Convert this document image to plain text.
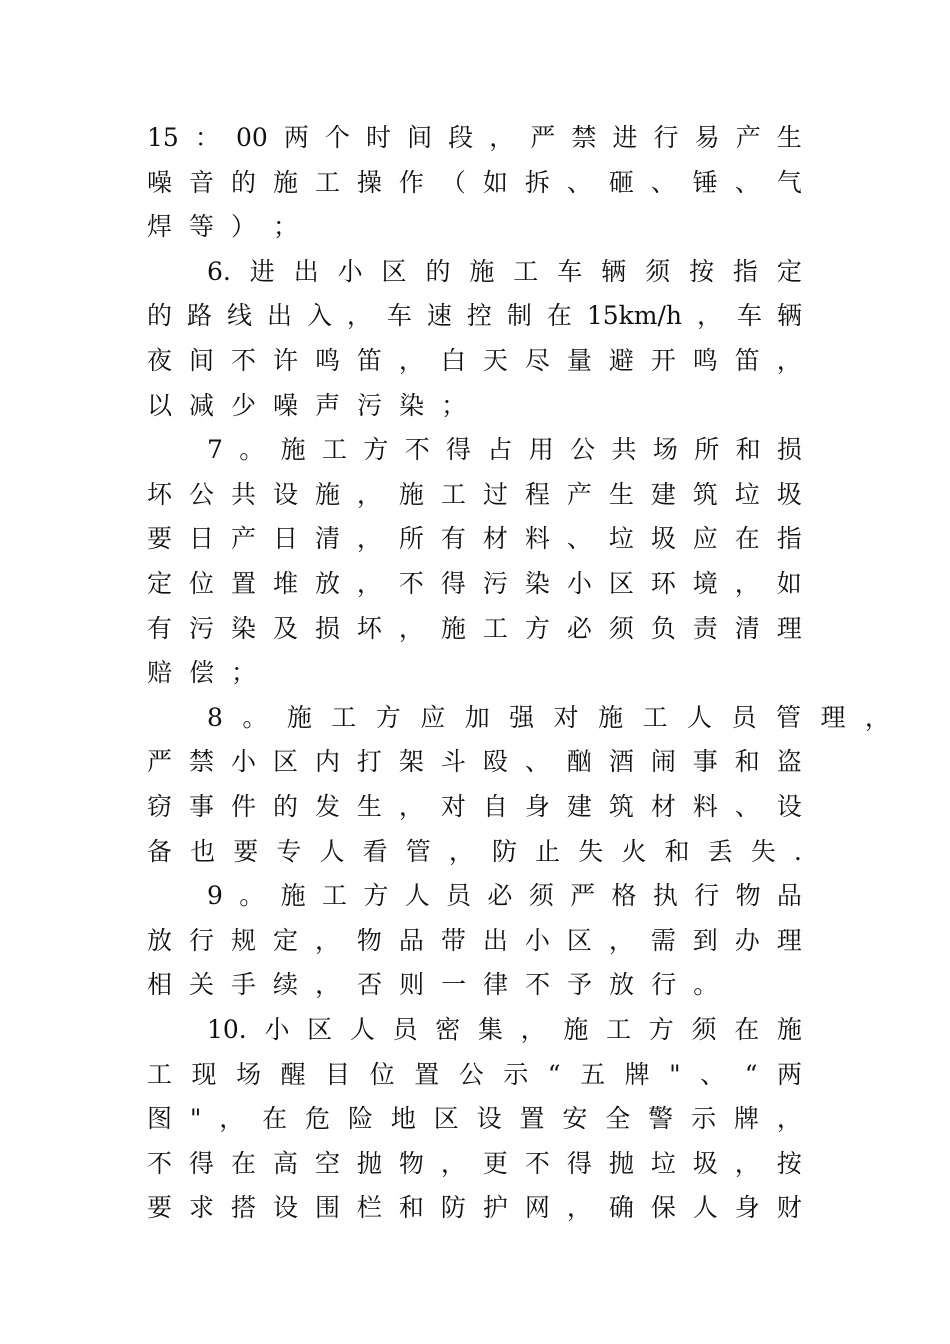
15 ： 00 两 个 时 间 段 ， 严 禁 进 行 易 产 生
噪 音 的 施 工 操 作 （ 如 拆 、 砸 、 锤 、 气
焊 等 ） ；
6. 进 出 小 区 的 施 工 车 辆 须 按 指 定
的 路 线 出 入 ， 车 速 控 制 在 15km/h ， 车 辆
夜 间 不 许 鸣 笛 ， 白 天 尽 量 避 开 鸣 笛 ，
以 减 少 噪 声 污 染 ；
7 。 施 工 方 不 得 占 用 公 共 场 所 和 损
坏 公 共 设 施 ， 施 工 过 程 产 生 建 筑 垃 圾
要 日 产 日 清 ， 所 有 材 料 、 垃 圾 应 在 指
定 位 置 堆 放 ， 不 得 污 染 小 区 环 境 ， 如
有 污 染 及 损 坏 ， 施 工 方 必 须 负 责 清 理
赔 偿 ；
8 。 施 工 方 应 加 强 对 施 工 人 员 管 理 ，
严 禁 小 区 内 打 架 斗 殴 、 酗 酒 闹 事 和 盗
窃 事 件 的 发 生 ， 对 自 身 建 筑 材 料 、 设
备 也 要 专 人 看 管 ， 防 止 失 火 和 丢 失 .
9 。 施 工 方 人 员 必 须 严 格 执 行 物 品
放 行 规 定 ， 物 品 带 出 小 区 ， 需 到 办 理
相 关 手 续 ， 否 则 一 律 不 予 放 行 。
10. 小 区 人 员 密 集 ， 施 工 方 须 在 施
工 现 场 醒 目 位 置 公 示 “ 五 牌 " 、 “ 两
图 " ， 在 危 险 地 区 设 置 安 全 警 示 牌 ，
不 得 在 高 空 抛 物 ， 更 不 得 抛 垃 圾 ， 按
要 求 搭 设 围 栏 和 防 护 网 ， 确 保 人 身 财
